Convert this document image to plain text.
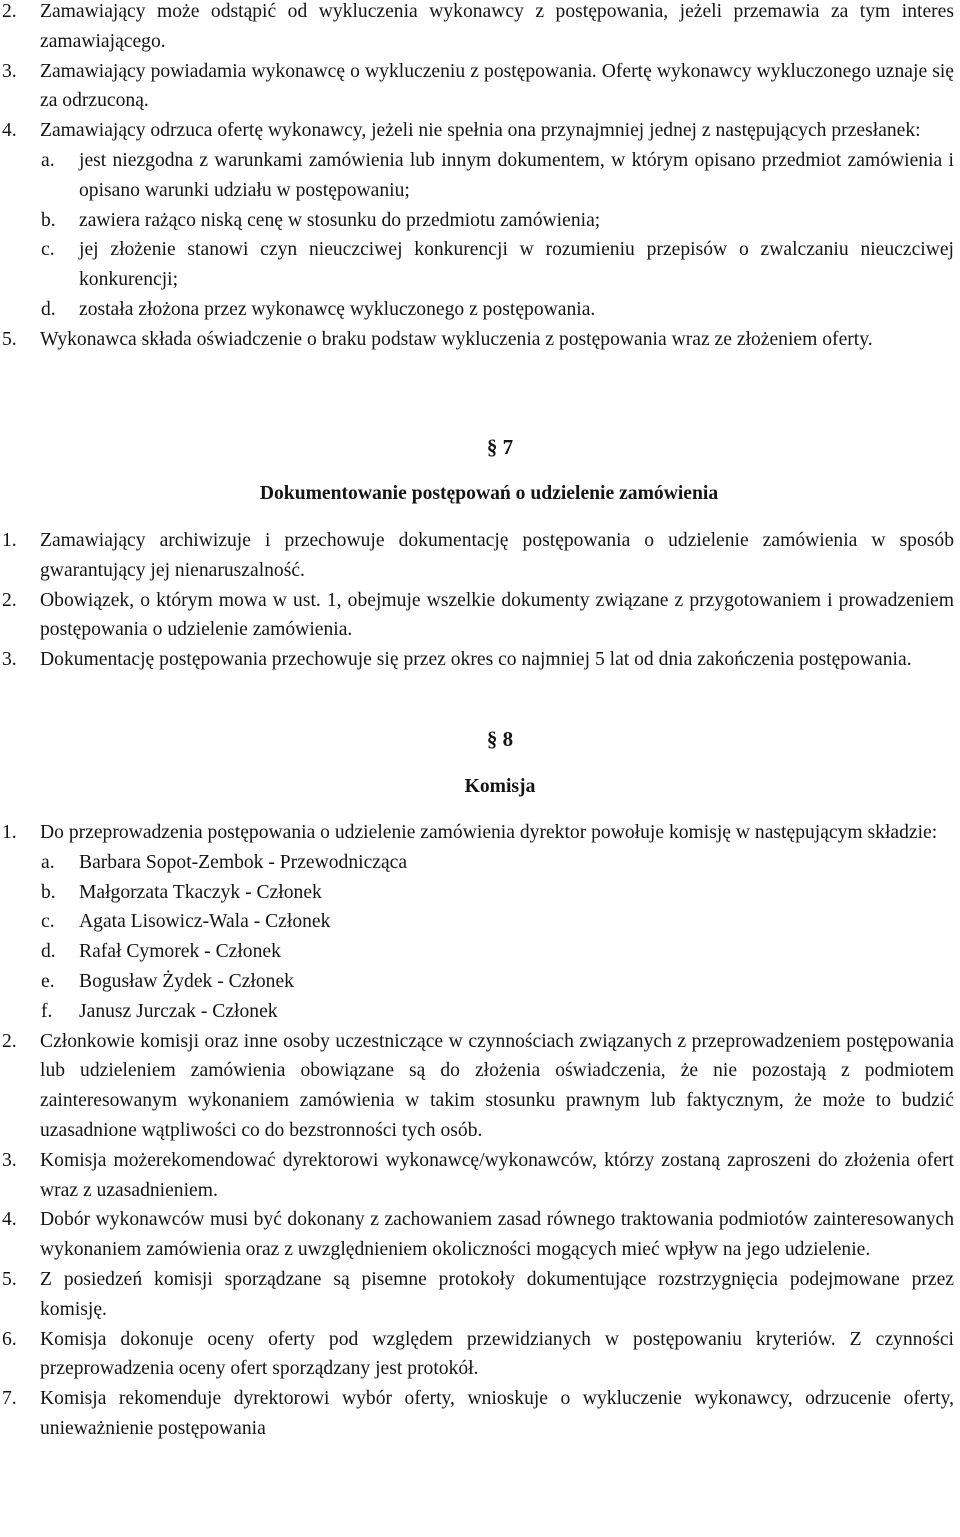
2. Zamawiający może odstąpić od wykluczenia wykonawcy z postępowania, jeżeli przemawia za tym interes zamawiającego.
3. Zamawiający powiadamia wykonawcę o wykluczeniu z postępowania. Ofertę wykonawcy wykluczonego uznaje się za odrzuconą.
4. Zamawiający odrzuca ofertę wykonawcy, jeżeli nie spełnia ona przynajmniej jednej z następujących przesłanek:
a. jest niezgodna z warunkami zamówienia lub innym dokumentem, w którym opisano przedmiot zamówienia i opisano warunki udziału w postępowaniu;
b. zawiera rażąco niską cenę w stosunku do przedmiotu zamówienia;
c. jej złożenie stanowi czyn nieuczciwej konkurencji w rozumieniu przepisów o zwalczaniu nieuczciwej konkurencji;
d. została złożona przez wykonawcę wykluczonego z postępowania.
5. Wykonawca składa oświadczenie o braku podstaw wykluczenia z postępowania wraz ze złożeniem oferty.
§ 7
Dokumentowanie postępowań o udzielenie zamówienia
1. Zamawiający archiwizuje i przechowuje dokumentację postępowania o udzielenie zamówienia w sposób gwarantujący jej nienaruszalność.
2. Obowiązek, o którym mowa w ust. 1, obejmuje wszelkie dokumenty związane z przygotowaniem i prowadzeniem postępowania o udzielenie zamówienia.
3. Dokumentację postępowania przechowuje się przez okres co najmniej 5 lat od dnia zakończenia postępowania.
§ 8
Komisja
1. Do przeprowadzenia postępowania o udzielenie zamówienia dyrektor powołuje komisję w następującym składzie:
a. Barbara Sopot-Zembok - Przewodnicząca
b. Małgorzata Tkaczyk - Członek
c. Agata Lisowicz-Wala - Członek
d. Rafał Cymorek - Członek
e. Bogusław Żydek - Członek
f. Janusz Jurczak - Członek
2. Członkowie komisji oraz inne osoby uczestniczące w czynnościach związanych z przeprowadzeniem postępowania lub udzieleniem zamówienia obowiązane są do złożenia oświadczenia, że nie pozostają z podmiotem zainteresowanym wykonaniem zamówienia w takim stosunku prawnym lub faktycznym, że może to budzić uzasadnione wątpliwości co do bezstronności tych osób.
3. Komisja możerekomendować dyrektorowi wykonawcę/wykonawców, którzy zostaną zaproszeni do złożenia ofert wraz z uzasadnieniem.
4. Dobór wykonawców musi być dokonany z zachowaniem zasad równego traktowania podmiotów zainteresowanych wykonaniem zamówienia oraz z uwzględnieniem okoliczności mogących mieć wpływ na jego udzielenie.
5. Z posiedzeń komisji sporządzane są pisemne protokoły dokumentujące rozstrzygnięcia podejmowane przez komisję.
6. Komisja dokonuje oceny oferty pod względem przewidzianych w postępowaniu kryteriów. Z czynności przeprowadzenia oceny ofert sporządzany jest protokół.
7. Komisja rekomenduje dyrektorowi wybór oferty, wnioskuje o wykluczenie wykonawcy, odrzucenie oferty, unieważnienie postępowania
